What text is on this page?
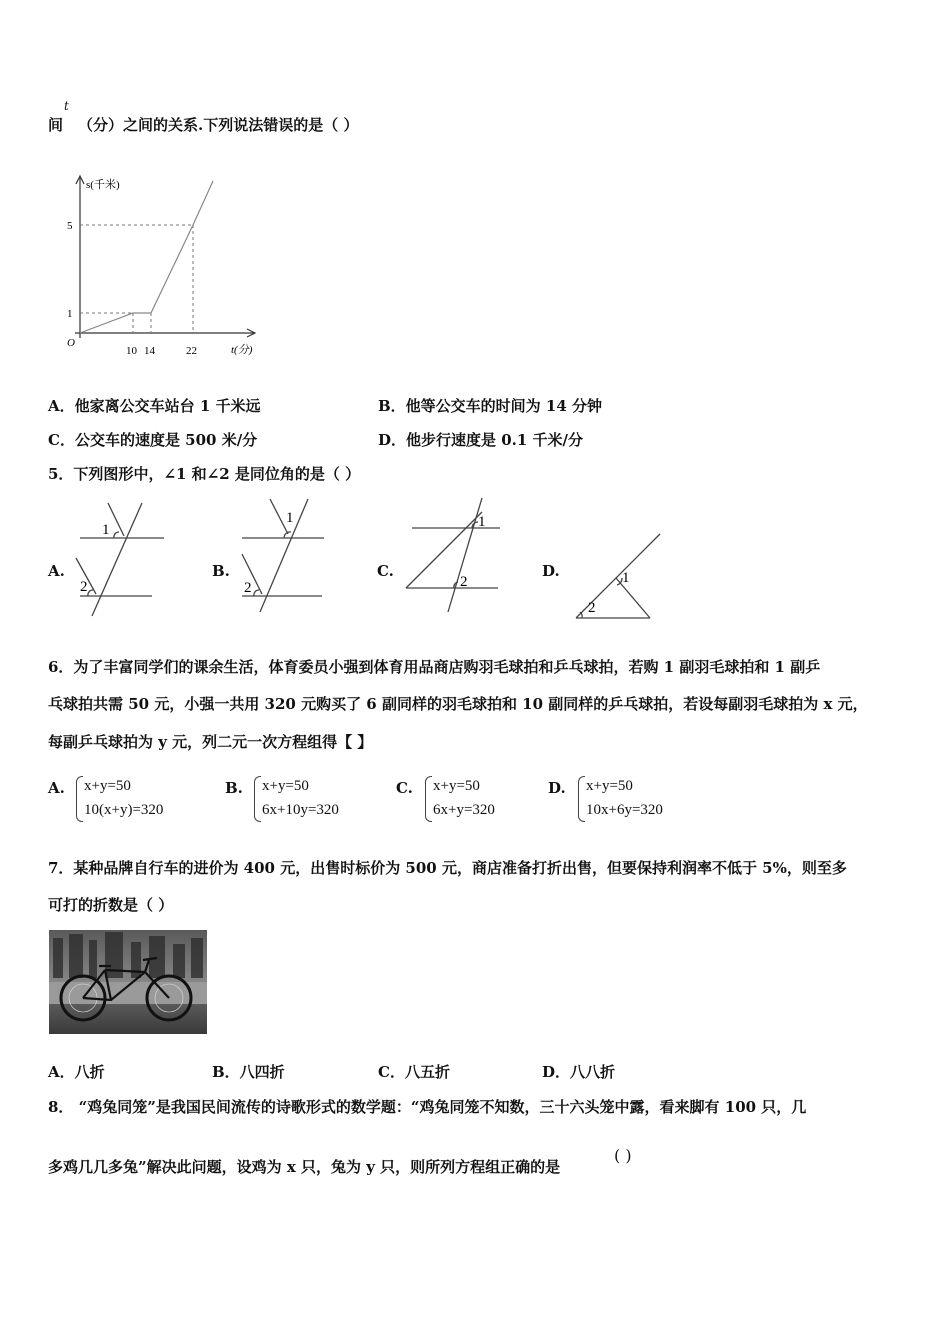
间
t
（分）之间的关系.下列说法错误的是（ ）
s(千米)
t(分)
O
10 14	22
5
1
A．他家离公交车站台 1 千米远	B．他等公交车的时间为 14 分钟
C．公交车的速度是 500 米/分	D．他步行速度是 0.1 千米/分
5．下列图形中，∠1 和∠2 是同位角的是（ ）
A.
1
2
B.
1
2
C.
1
2
D.	1
2
6．为了丰富同学们的课余生活，体育委员小强到体育用品商店购羽毛球拍和乒乓球拍，若购 1 副羽毛球拍和 1 副乒
乓球拍共需 50 元，小强一共用 320 元购买了 6 副同样的羽毛球拍和 10 副同样的乒乓球拍，若设每副羽毛球拍为 x 元，
每副乒乓球拍为 y 元，列二元一次方程组得【 】
A. x+y=50
10(x+y)=320
B. x+y=50
6x+10y=320
C. x+y=50
6x+y=320
D. x+y=50
10x+6y=320
7．某种品牌自行车的进价为 400 元，出售时标价为 500 元，商店准备打折出售，但要保持利润率不低于 5%，则至多
可打的折数是（ ）
A．八折	B．八四折	C．八五折	D．八八折
8． “鸡兔同笼”是我国民间流传的诗歌形式的数学题：“鸡兔同笼不知数，三十六头笼中露，看来脚有 100 只，几
多鸡几几多兔”解决此问题，设鸡为 x 只，兔为 y 只，则所列方程组正确的是
( )
